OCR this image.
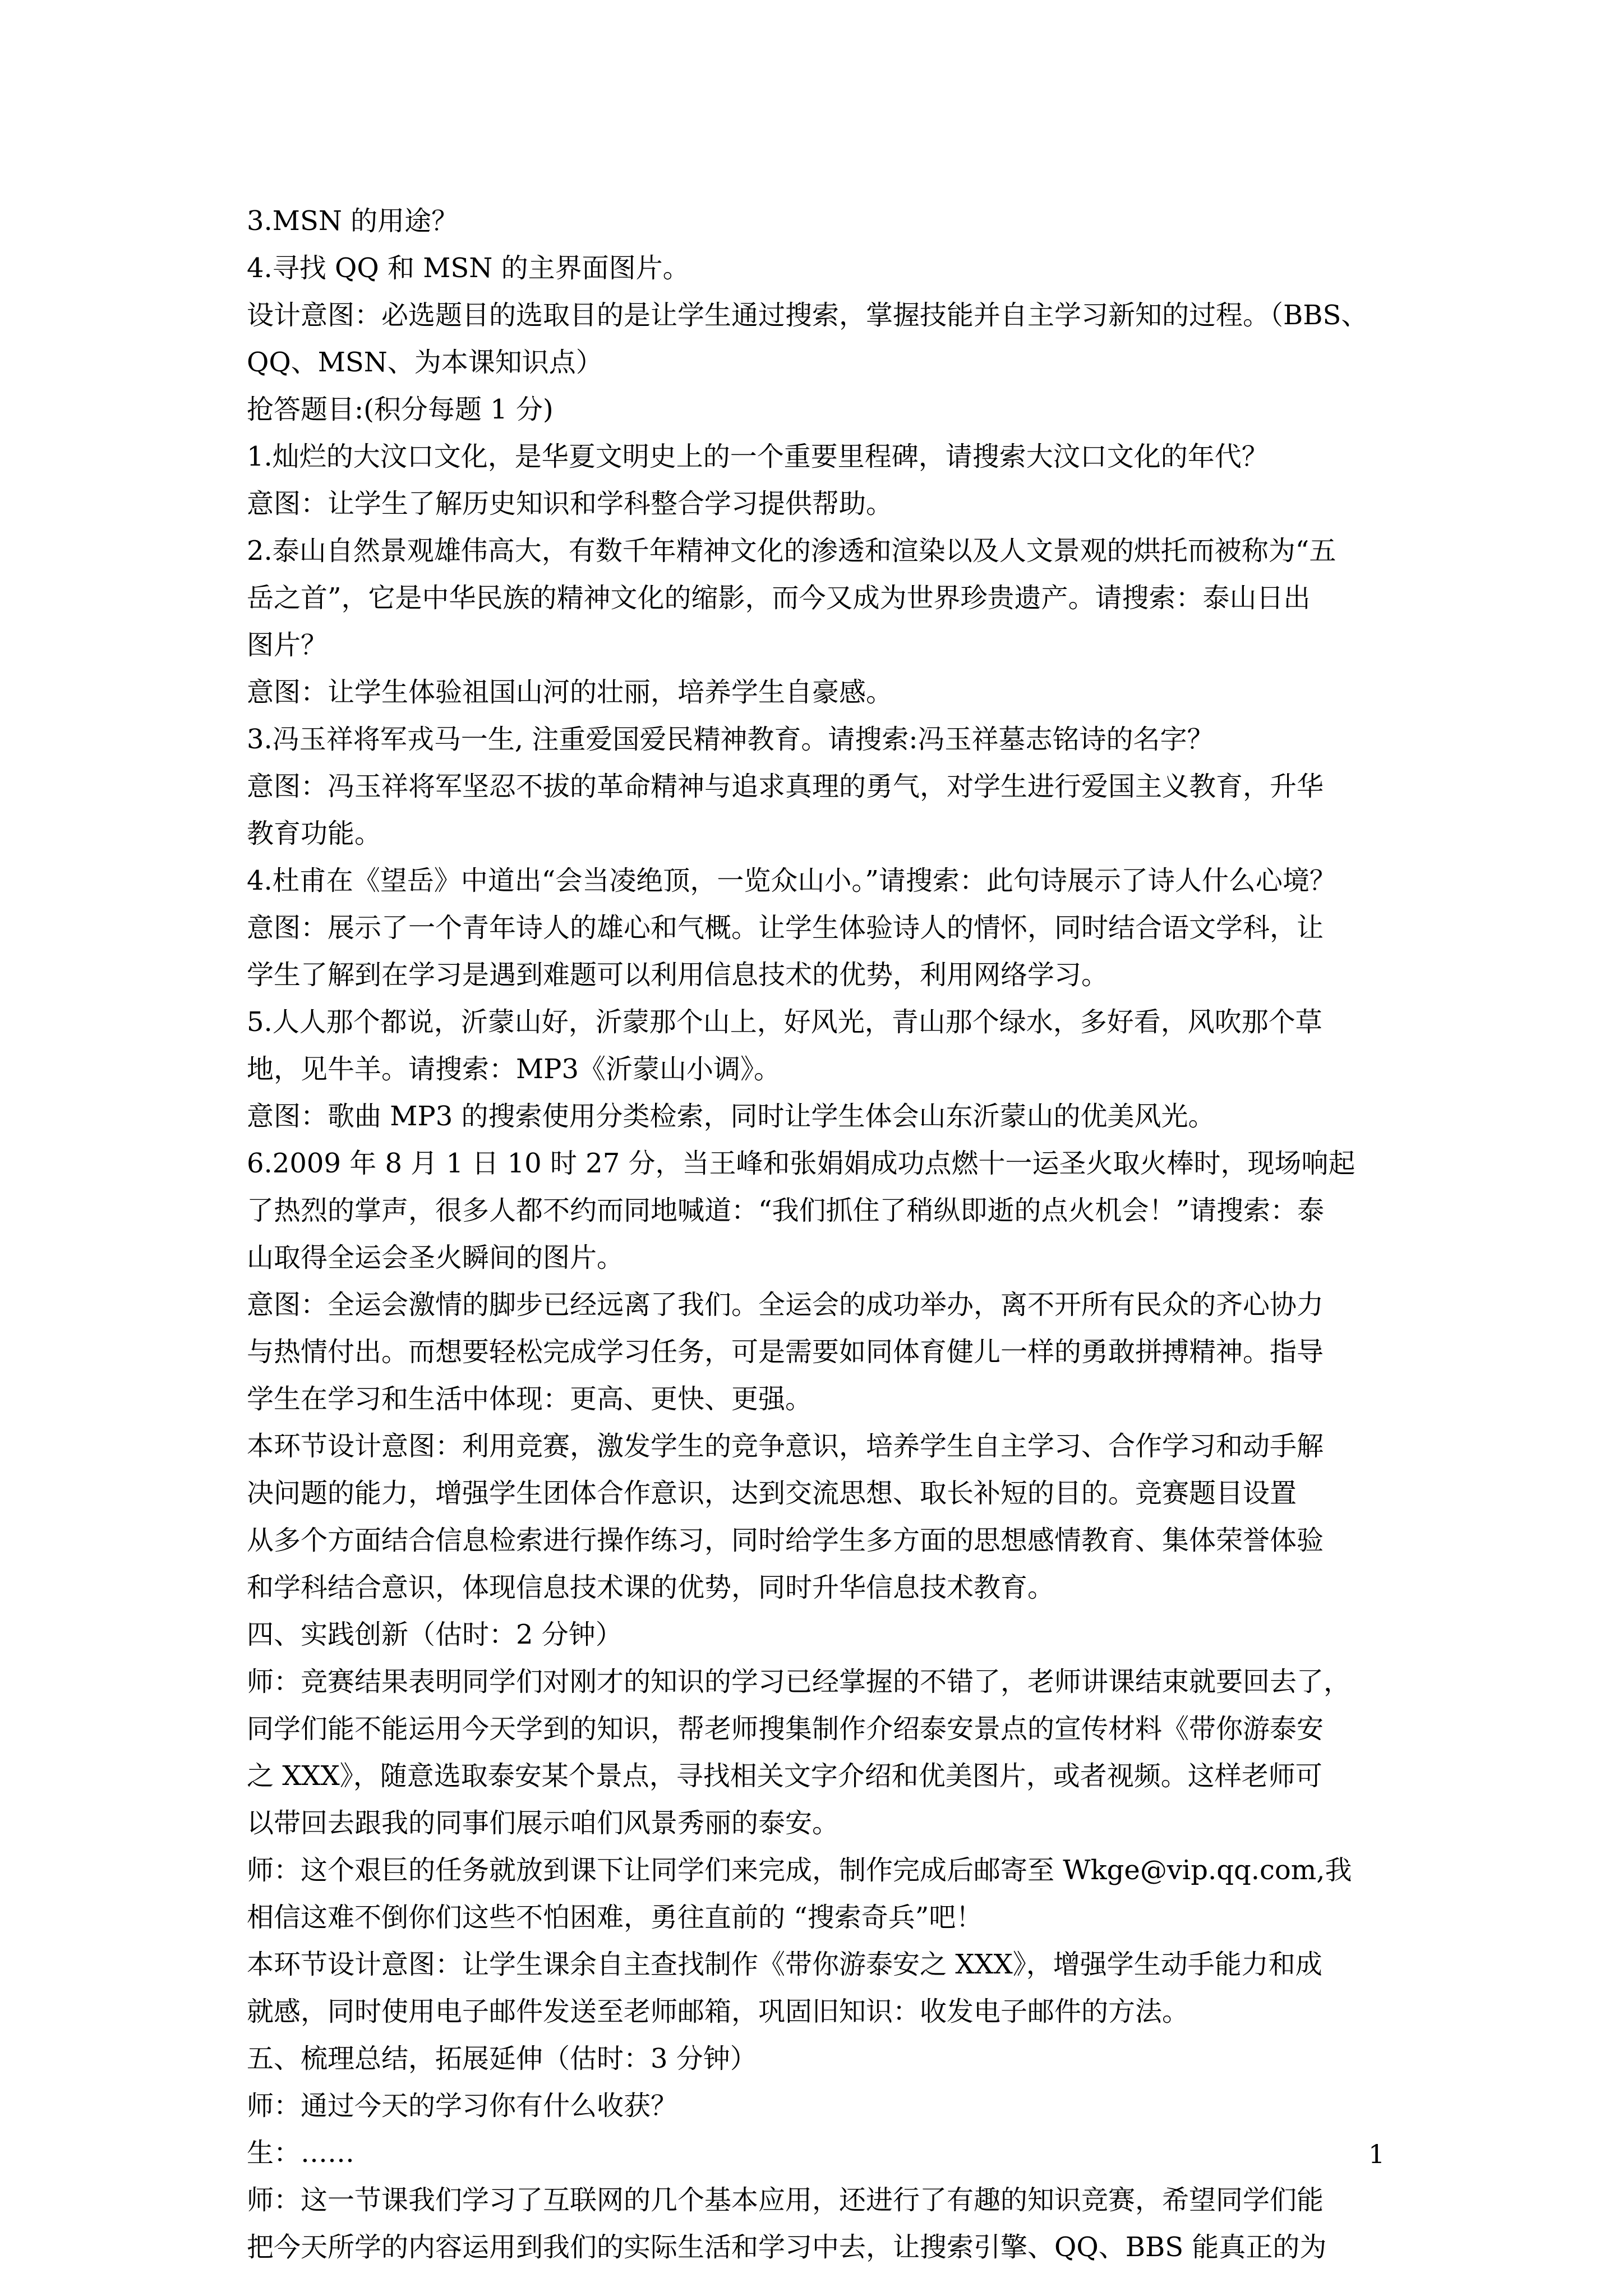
3.MSN 的用途？
4.寻找 QQ 和 MSN 的主界面图片。
设计意图：必选题目的选取目的是让学生通过搜索，掌握技能并自主学习新知的过程。（BBS、
QQ、MSN、为本课知识点）
抢答题目:(积分每题 1 分)
1.灿烂的大汶口文化，是华夏文明史上的一个重要里程碑，请搜索大汶口文化的年代？
意图：让学生了解历史知识和学科整合学习提供帮助。
2.泰山自然景观雄伟高大，有数千年精神文化的渗透和渲染以及人文景观的烘托而被称为“五
岳之首”，它是中华民族的精神文化的缩影，而今又成为世界珍贵遗产。请搜索：泰山日出
图片？
意图：让学生体验祖国山河的壮丽，培养学生自豪感。
3.冯玉祥将军戎马一生, 注重爱国爱民精神教育。请搜索:冯玉祥墓志铭诗的名字？
意图：冯玉祥将军坚忍不拔的革命精神与追求真理的勇气，对学生进行爱国主义教育，升华
教育功能。
4.杜甫在《望岳》中道出“会当凌绝顶，一览众山小。”请搜索：此句诗展示了诗人什么心境？
意图：展示了一个青年诗人的雄心和气概。让学生体验诗人的情怀，同时结合语文学科，让
学生了解到在学习是遇到难题可以利用信息技术的优势，利用网络学习。
5.人人那个都说，沂蒙山好，沂蒙那个山上，好风光，青山那个绿水，多好看，风吹那个草
地，见牛羊。请搜索：MP3《沂蒙山小调》。
意图：歌曲 MP3 的搜索使用分类检索，同时让学生体会山东沂蒙山的优美风光。
6.2009 年 8 月 1 日 10 时 27 分，当王峰和张娟娟成功点燃十一运圣火取火棒时，现场响起
了热烈的掌声，很多人都不约而同地喊道：“我们抓住了稍纵即逝的点火机会！”请搜索：泰
山取得全运会圣火瞬间的图片。
意图：全运会激情的脚步已经远离了我们。全运会的成功举办，离不开所有民众的齐心协力
与热情付出。而想要轻松完成学习任务，可是需要如同体育健儿一样的勇敢拼搏精神。指导
学生在学习和生活中体现：更高、更快、更强。
本环节设计意图：利用竞赛，激发学生的竞争意识，培养学生自主学习、合作学习和动手解
决问题的能力，增强学生团体合作意识，达到交流思想、取长补短的目的。竞赛题目设置
从多个方面结合信息检索进行操作练习，同时给学生多方面的思想感情教育、集体荣誉体验
和学科结合意识，体现信息技术课的优势，同时升华信息技术教育。
四、实践创新（估时：2 分钟）
师：竞赛结果表明同学们对刚才的知识的学习已经掌握的不错了，老师讲课结束就要回去了，
同学们能不能运用今天学到的知识，帮老师搜集制作介绍泰安景点的宣传材料《带你游泰安
之 XXX》，随意选取泰安某个景点，寻找相关文字介绍和优美图片，或者视频。这样老师可
以带回去跟我的同事们展示咱们风景秀丽的泰安。
师：这个艰巨的任务就放到课下让同学们来完成，制作完成后邮寄至 Wkge@vip.qq.com,我
相信这难不倒你们这些不怕困难，勇往直前的 “搜索奇兵”吧！
本环节设计意图：让学生课余自主查找制作《带你游泰安之 XXX》，增强学生动手能力和成
就感，同时使用电子邮件发送至老师邮箱，巩固旧知识：收发电子邮件的方法。
五、梳理总结，拓展延伸（估时：3 分钟）
师：通过今天的学习你有什么收获？
生：……
师：这一节课我们学习了互联网的几个基本应用，还进行了有趣的知识竞赛，希望同学们能
把今天所学的内容运用到我们的实际生活和学习中去，让搜索引擎、QQ、BBS 能真正的为
1
